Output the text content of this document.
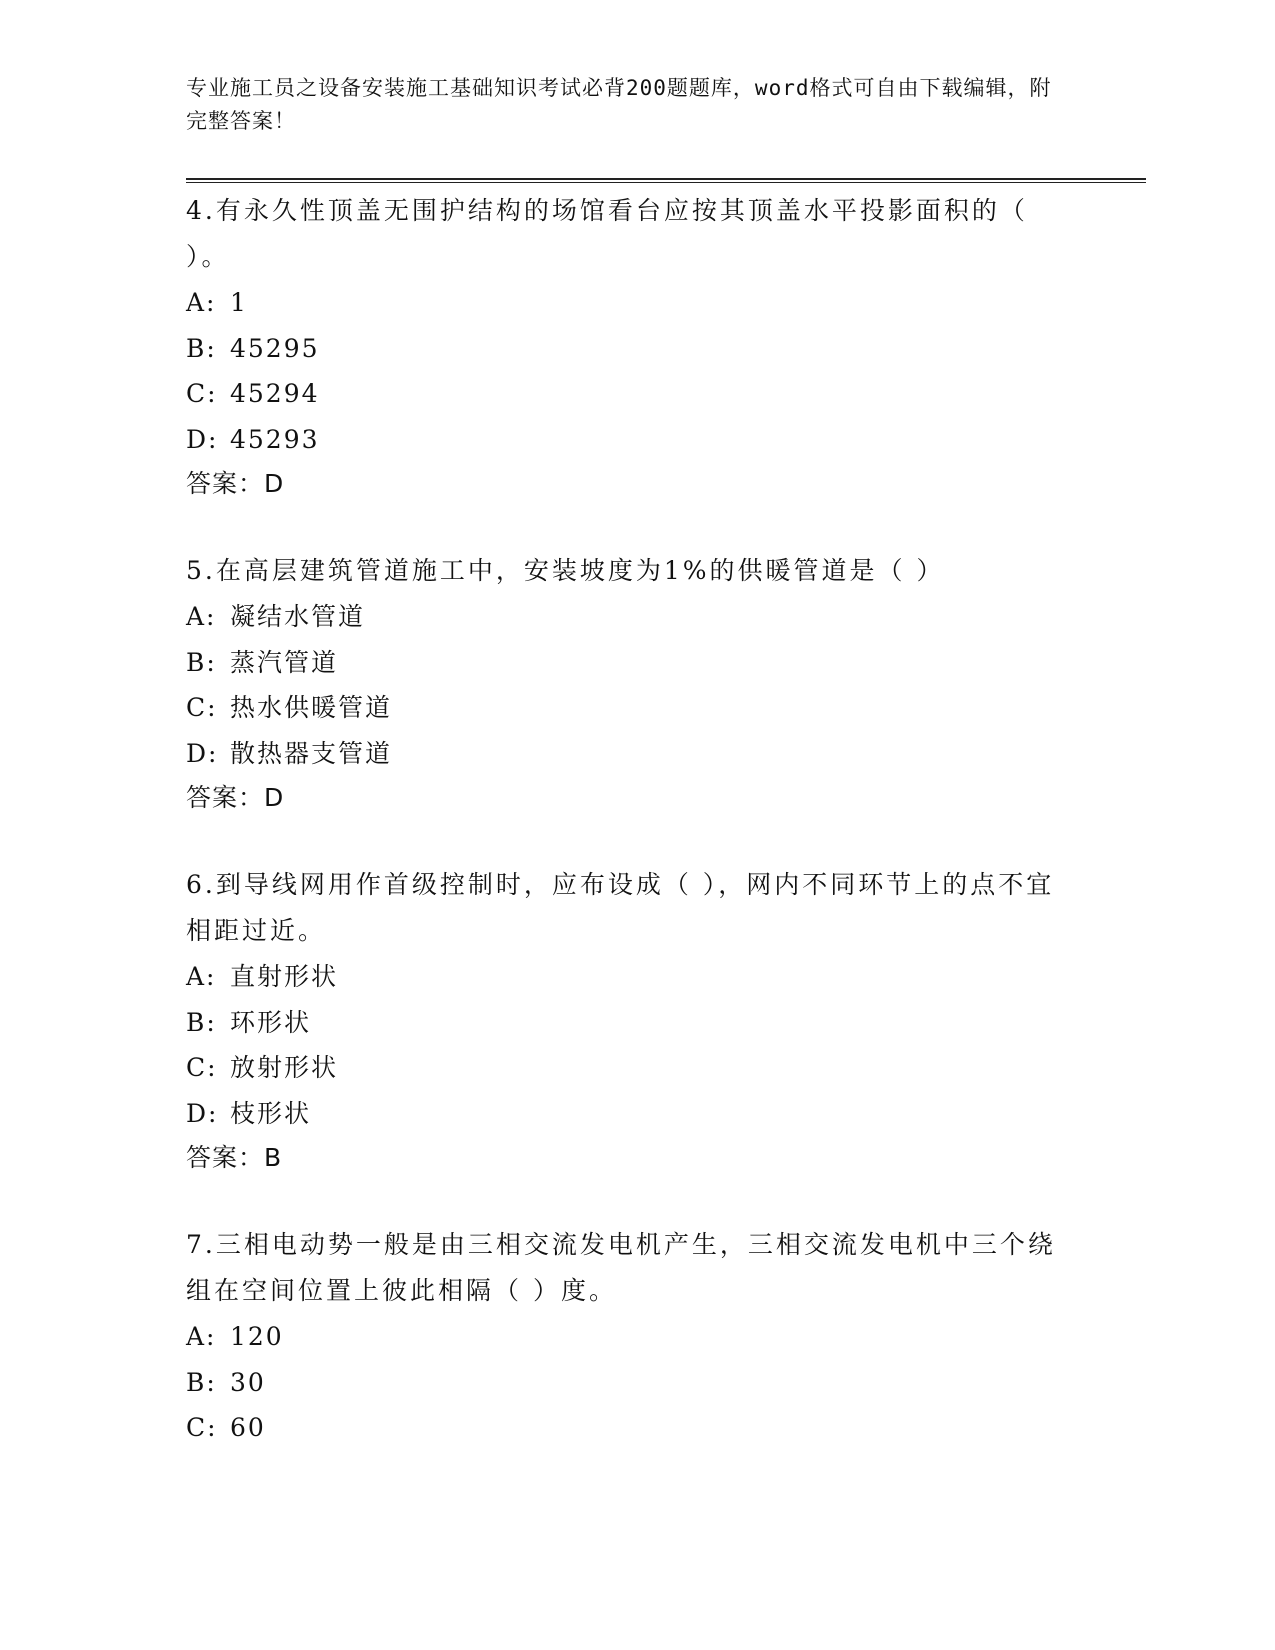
专业施工员之设备安装施工基础知识考试必背200题题库，word格式可自由下载编辑，附完整答案！

4.有永久性顶盖无围护结构的场馆看台应按其顶盖水平投影面积的（ ）。

A: 1

B: 45295

C: 45294

D: 45293

答案：D

5.在高层建筑管道施工中，安装坡度为1%的供暖管道是（ ）

A: 凝结水管道

B: 蒸汽管道

C: 热水供暖管道

D: 散热器支管道

答案：D

6.到导线网用作首级控制时，应布设成（ ），网内不同环节上的点不宜相距过近。

A: 直射形状

B: 环形状

C: 放射形状

D: 枝形状

答案：B

7.三相电动势一般是由三相交流发电机产生，三相交流发电机中三个绕组在空间位置上彼此相隔（ ）度。

A: 120

B: 30

C: 60
